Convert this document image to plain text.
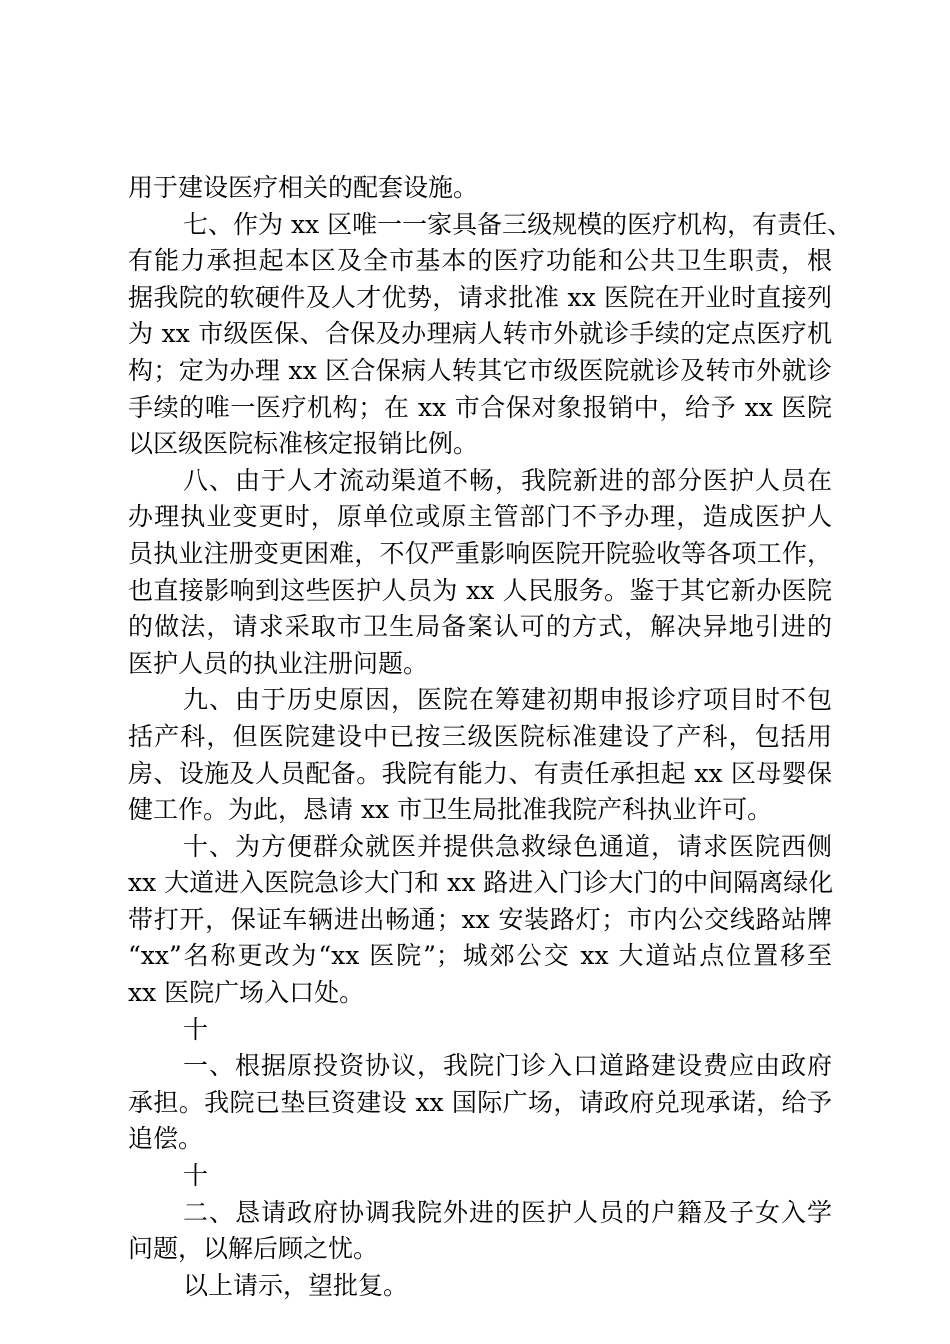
用于建设医疗相关的配套设施。
七、作为 xx 区唯一一家具备三级规模的医疗机构，有责任、
有能力承担起本区及全市基本的医疗功能和公共卫生职责，根
据我院的软硬件及人才优势，请求批准 xx 医院在开业时直接列
为 xx 市级医保、合保及办理病人转市外就诊手续的定点医疗机
构；定为办理 xx 区合保病人转其它市级医院就诊及转市外就诊
手续的唯一医疗机构；在 xx 市合保对象报销中，给予 xx 医院
以区级医院标准核定报销比例。
八、由于人才流动渠道不畅，我院新进的部分医护人员在
办理执业变更时，原单位或原主管部门不予办理，造成医护人
员执业注册变更困难，不仅严重影响医院开院验收等各项工作，
也直接影响到这些医护人员为 xx 人民服务。鉴于其它新办医院
的做法，请求采取市卫生局备案认可的方式，解决异地引进的
医护人员的执业注册问题。
九、由于历史原因，医院在筹建初期申报诊疗项目时不包
括产科，但医院建设中已按三级医院标准建设了产科，包括用
房、设施及人员配备。我院有能力、有责任承担起 xx 区母婴保
健工作。为此，恳请 xx 市卫生局批准我院产科执业许可。
十、为方便群众就医并提供急救绿色通道，请求医院西侧
xx 大道进入医院急诊大门和 xx 路进入门诊大门的中间隔离绿化
带打开，保证车辆进出畅通；xx 安装路灯；市内公交线路站牌
“xx”名称更改为“xx 医院”；城郊公交 xx 大道站点位置移至
xx 医院广场入口处。
十
一、根据原投资协议，我院门诊入口道路建设费应由政府
承担。我院已垫巨资建设 xx 国际广场，请政府兑现承诺，给予
追偿。
十
二、恳请政府协调我院外进的医护人员的户籍及子女入学
问题，以解后顾之忧。
以上请示，望批复。
